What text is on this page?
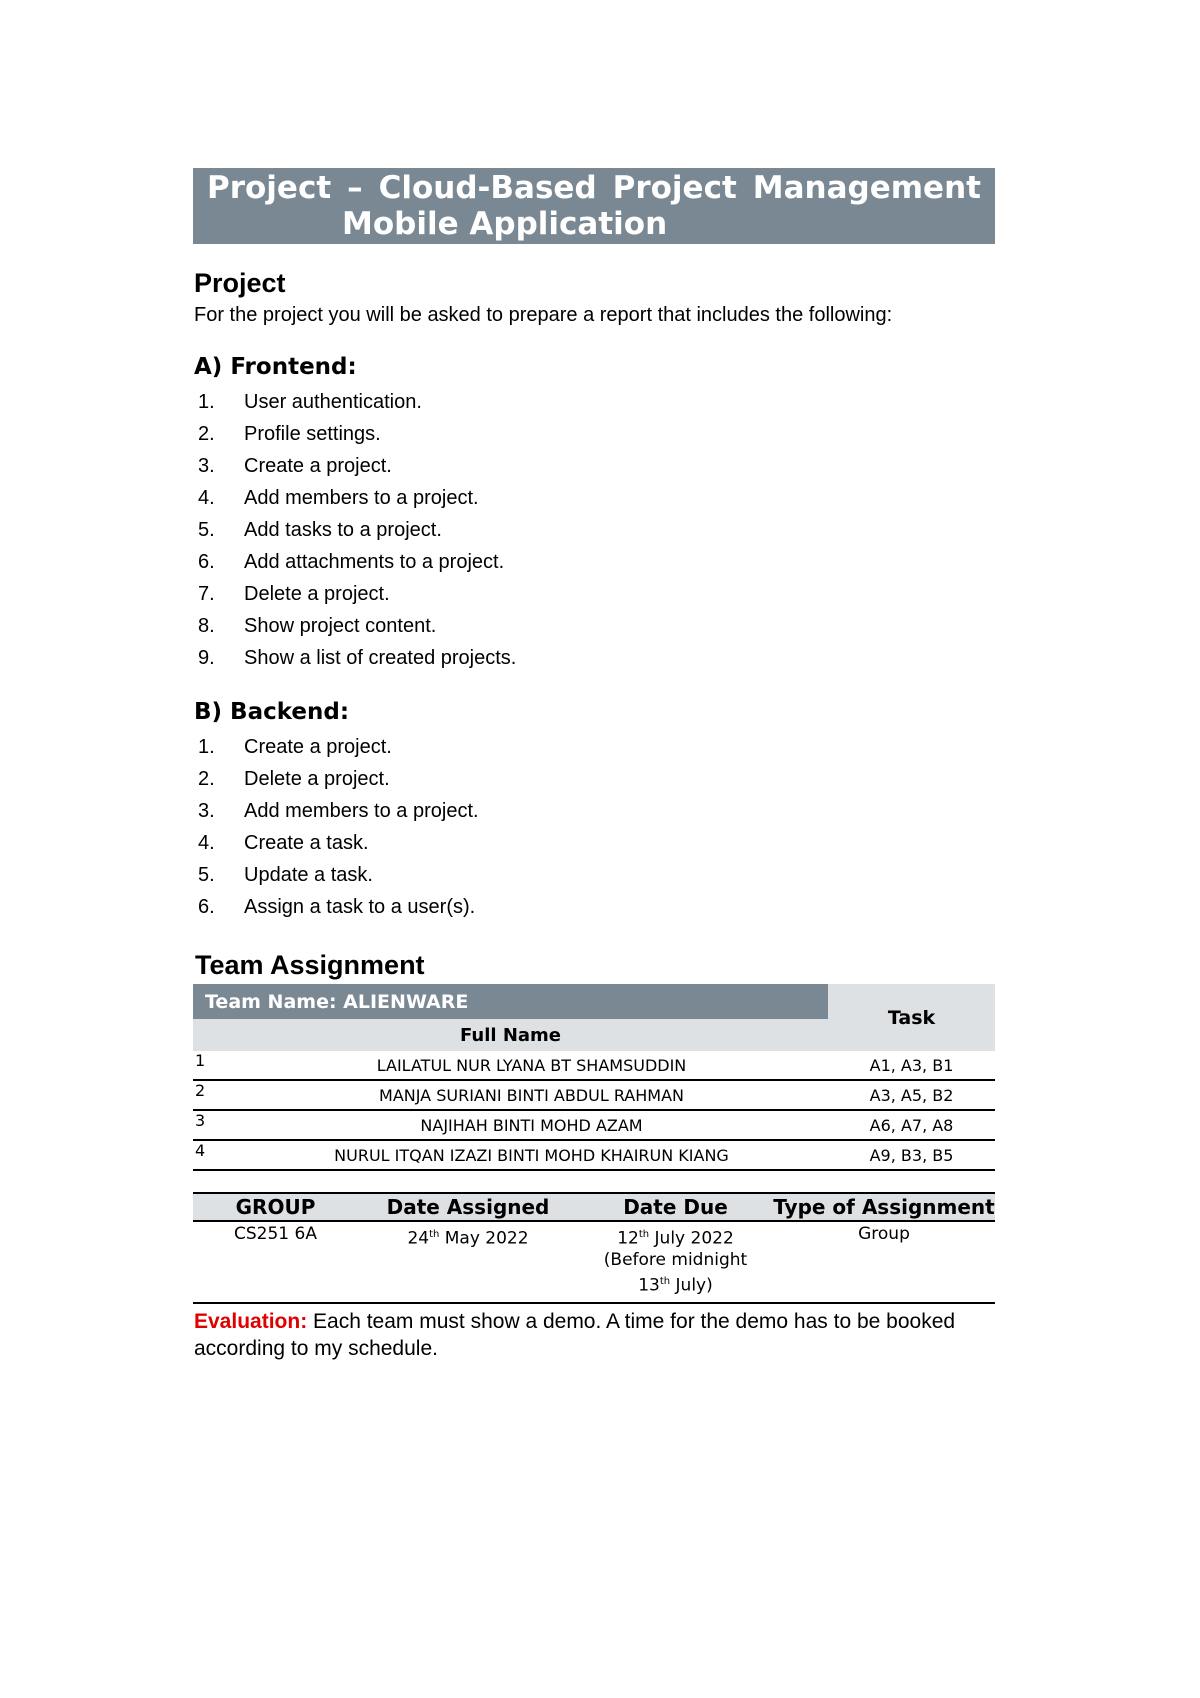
Project – Cloud-Based Project Management
Mobile Application
Project
For the project you will be asked to prepare a report that includes the following:
A) Frontend:
1.	User authentication.
2.	Profile settings.
3.	Create a project.
4.	Add members to a project.
5.	Add tasks to a project.
6.	Add attachments to a project.
7.	Delete a project.
8.	Show project content.
9.	Show a list of created projects.
B) Backend:
1.	Create a project.
2.	Delete a project.
3.	Add members to a project.
4.	Create a task.
5.	Update a task.
6.	Assign a task to a user(s).
Team Assignment
Team Name: ALIENWARE		Task
Full Name		
1	LAILATUL NUR LYANA BT SHAMSUDDIN	A1, A3, B1
2	MANJA SURIANI BINTI ABDUL RAHMAN	A3, A5, B2
3	NAJIHAH BINTI MOHD AZAM	A6, A7, A8
4	NURUL ITQAN IZAZI BINTI MOHD KHAIRUN KIANG	A9, B3, B5
GROUP	Date Assigned	Date Due	Type of Assignment
CS251 6A	24th May 2022	12th July 2022
(Before midnight
13th July)	Group
Evaluation: Each team must show a demo. A time for the demo has to be booked according to my schedule.
